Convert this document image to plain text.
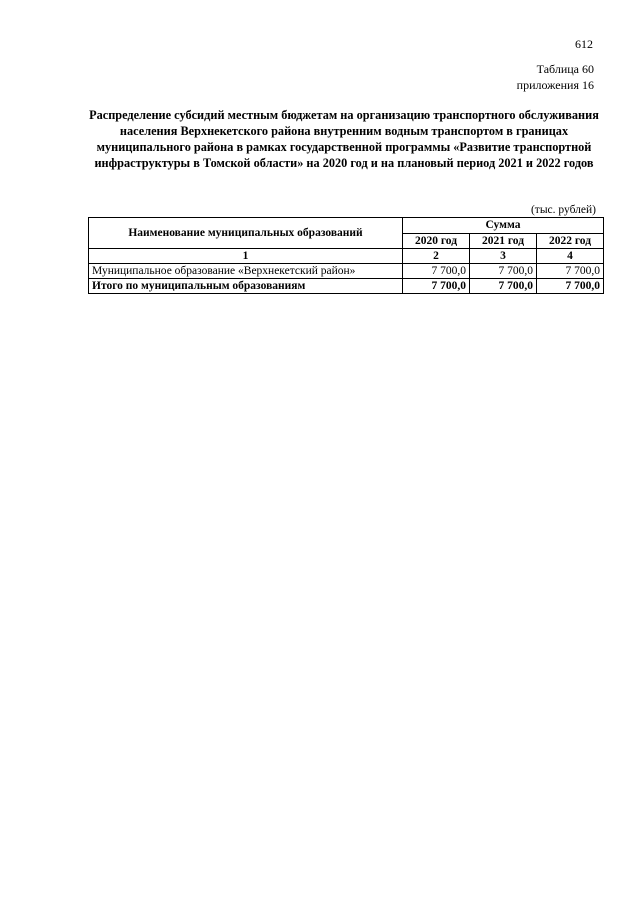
612
Таблица 60
приложения 16
Распределение субсидий местным бюджетам на организацию транспортного обслуживания населения Верхнекетского района внутренним водным транспортом в границах муниципального района в рамках государственной программы «Развитие транспортной инфраструктуры в Томской области» на 2020 год и на плановый период 2021 и 2022 годов
(тыс. рублей)
Наименование муниципальных образований	Сумма		
	2020 год	2021 год	2022 год
1	2	3	4
Муниципальное образование «Верхнекетский район»	7 700,0	7 700,0	7 700,0
Итого по муниципальным образованиям	7 700,0	7 700,0	7 700,0
